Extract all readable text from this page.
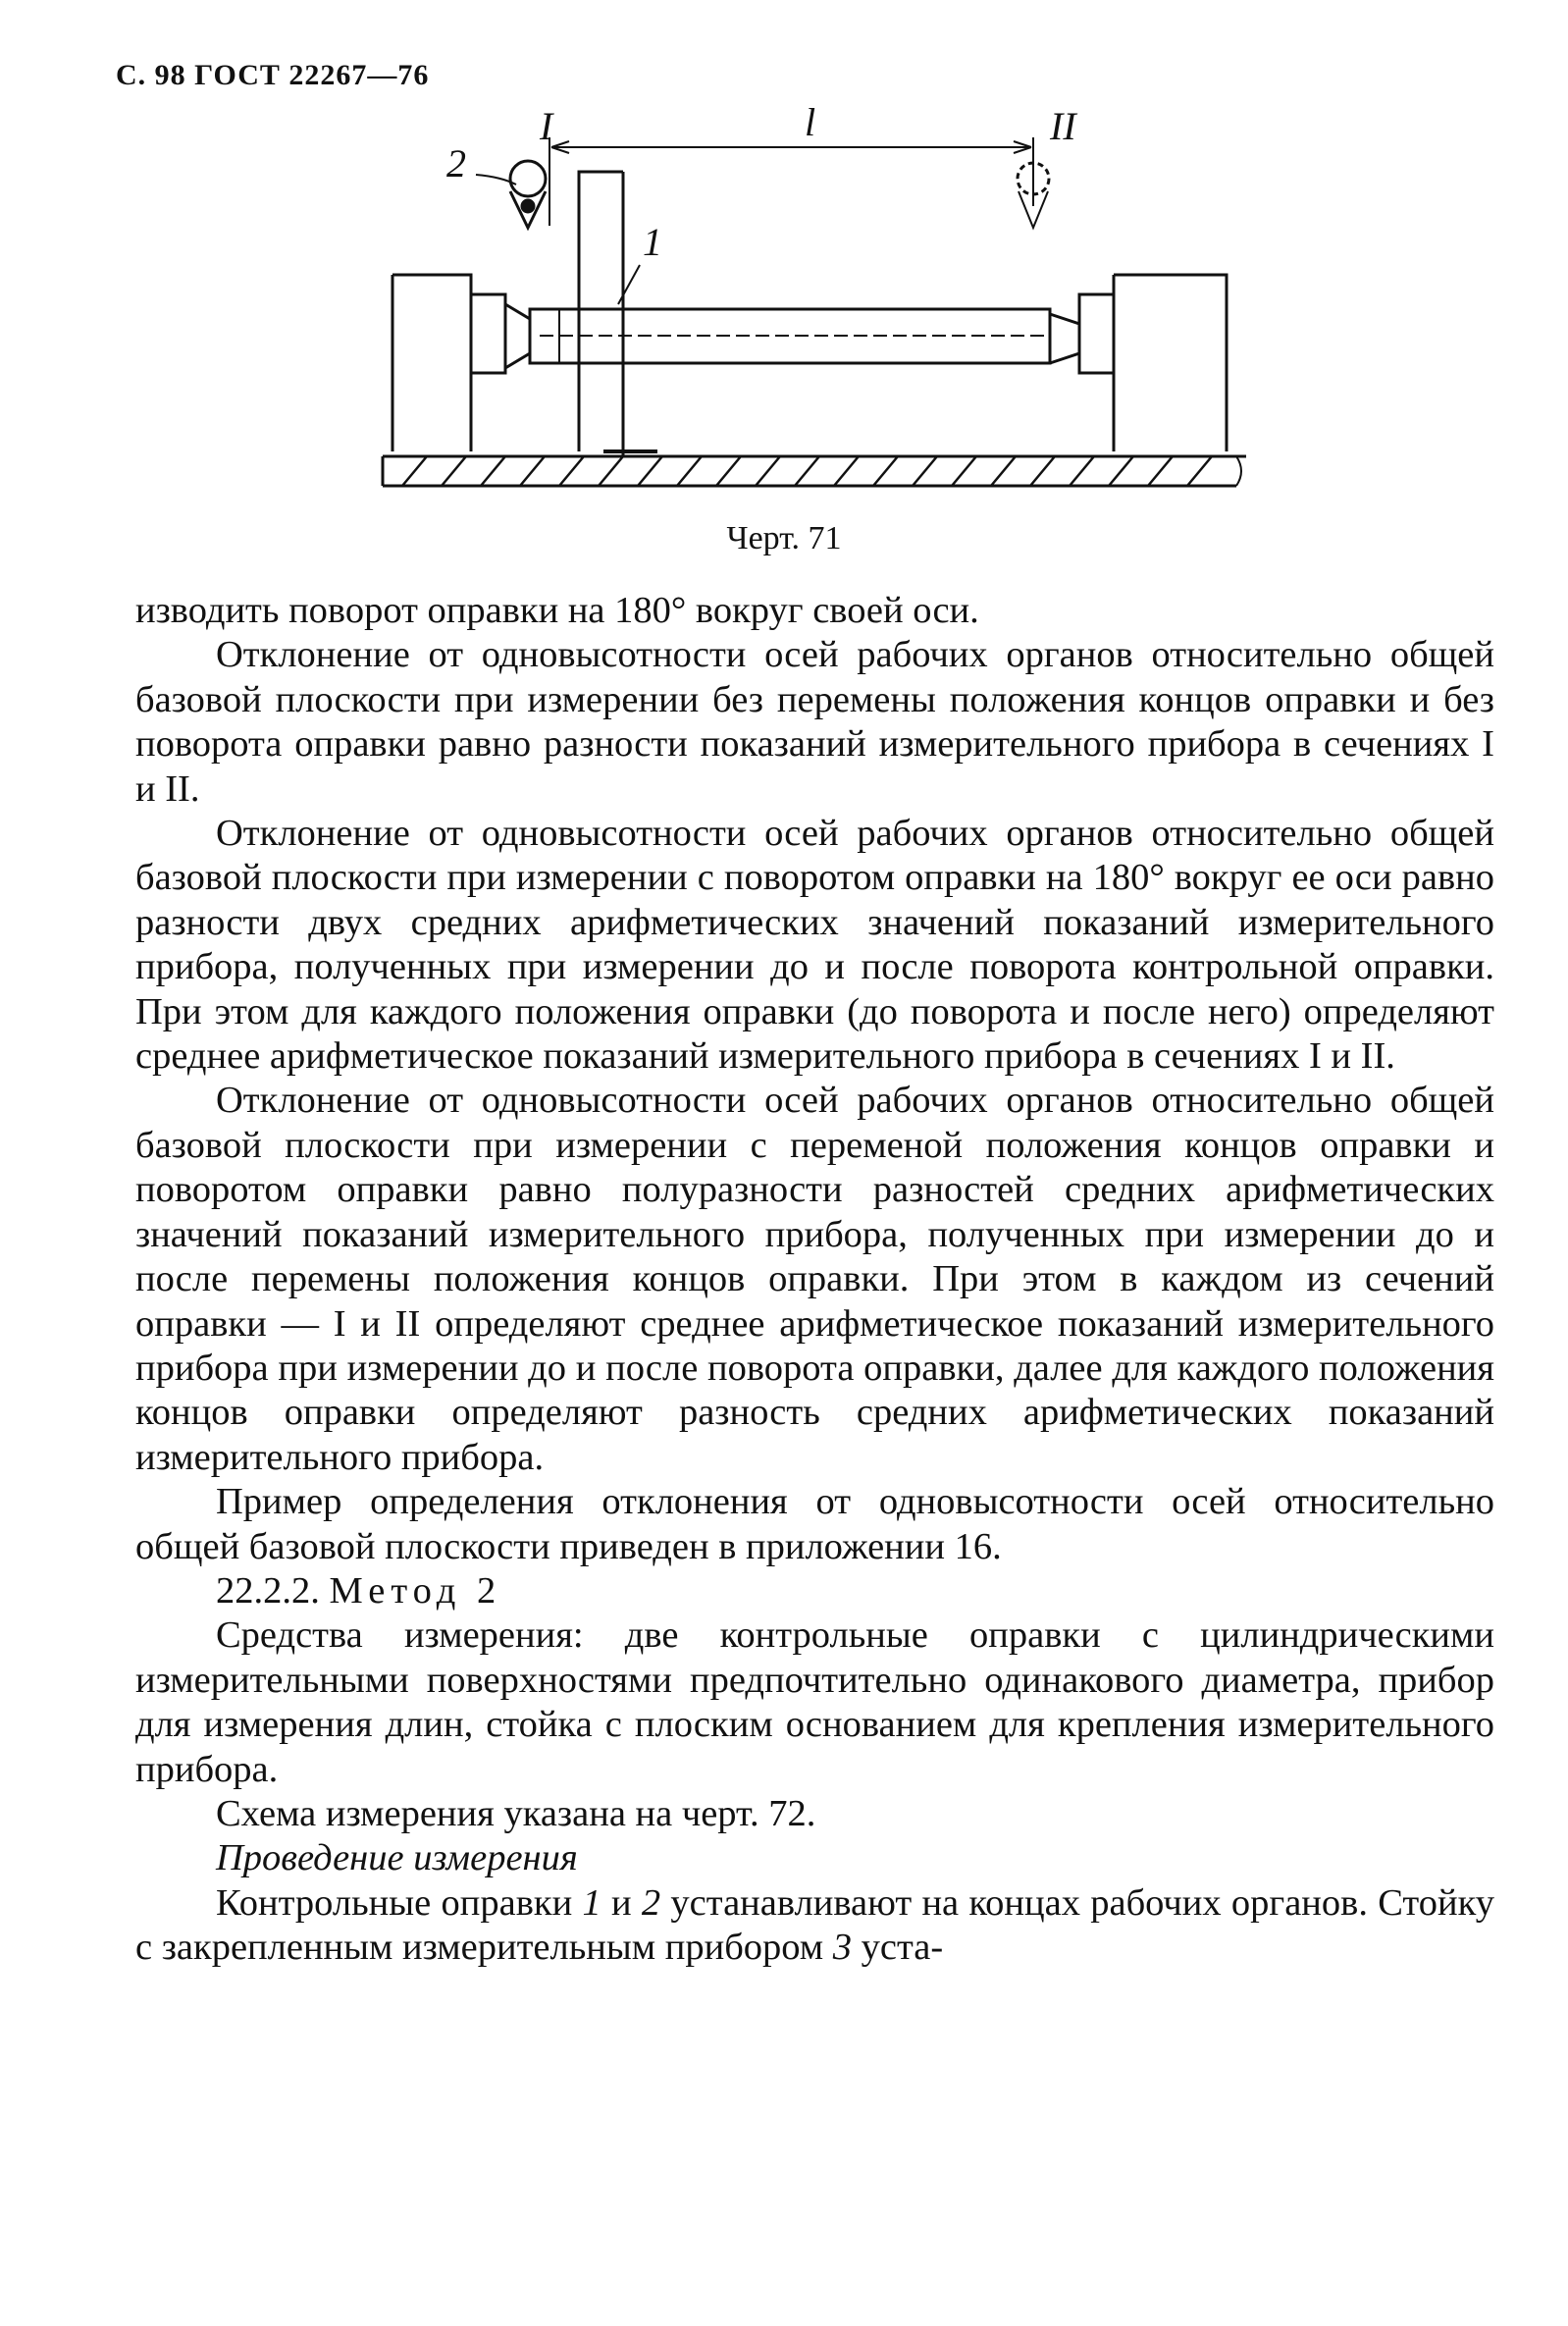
С. 98 ГОСТ 22267—76
l
I	II
1
2
Черт. 71

изводить поворот оправки на 180° вокруг своей оси.

Отклонение от одновысотности осей рабочих органов относительно общей базовой плоскости при измерении без перемены положения концов оправки и без поворота оправки равно разности показаний измерительного прибора в сечениях I и II.

Отклонение от одновысотности осей рабочих органов относительно общей базовой плоскости при измерении с поворотом оправки на 180° вокруг ее оси равно разности двух средних арифметических значений показаний измерительного прибора, полученных при измерении до и после поворота контрольной оправки. При этом для каждого положения оправки (до поворота и после него) определяют среднее арифметическое показаний измерительного прибора в сечениях I и II.

Отклонение от одновысотности осей рабочих органов относительно общей базовой плоскости при измерении с переменой положения концов оправки и поворотом оправки равно полуразности разностей средних арифметических значений показаний измерительного прибора, полученных при измерении до и после перемены положения концов оправки. При этом в каждом из сечений оправки — I и II определяют среднее арифметическое показаний измерительного прибора при измерении до и после поворота оправки, далее для каждого положения концов оправки определяют разность средних арифметических показаний измерительного прибора.

Пример определения отклонения от одновысотности осей относительно общей базовой плоскости приведен в приложении 16.

22.2.2. Метод 2

Средства измерения: две контрольные оправки с цилиндрическими измерительными поверхностями предпочтительно одинакового диаметра, прибор для измерения длин, стойка с плоским основанием для крепления измерительного прибора.

Схема измерения указана на черт. 72.

Проведение измерения

Контрольные оправки 1 и 2 устанавливают на концах рабочих органов. Стойку с закрепленным измерительным прибором 3 уста-
